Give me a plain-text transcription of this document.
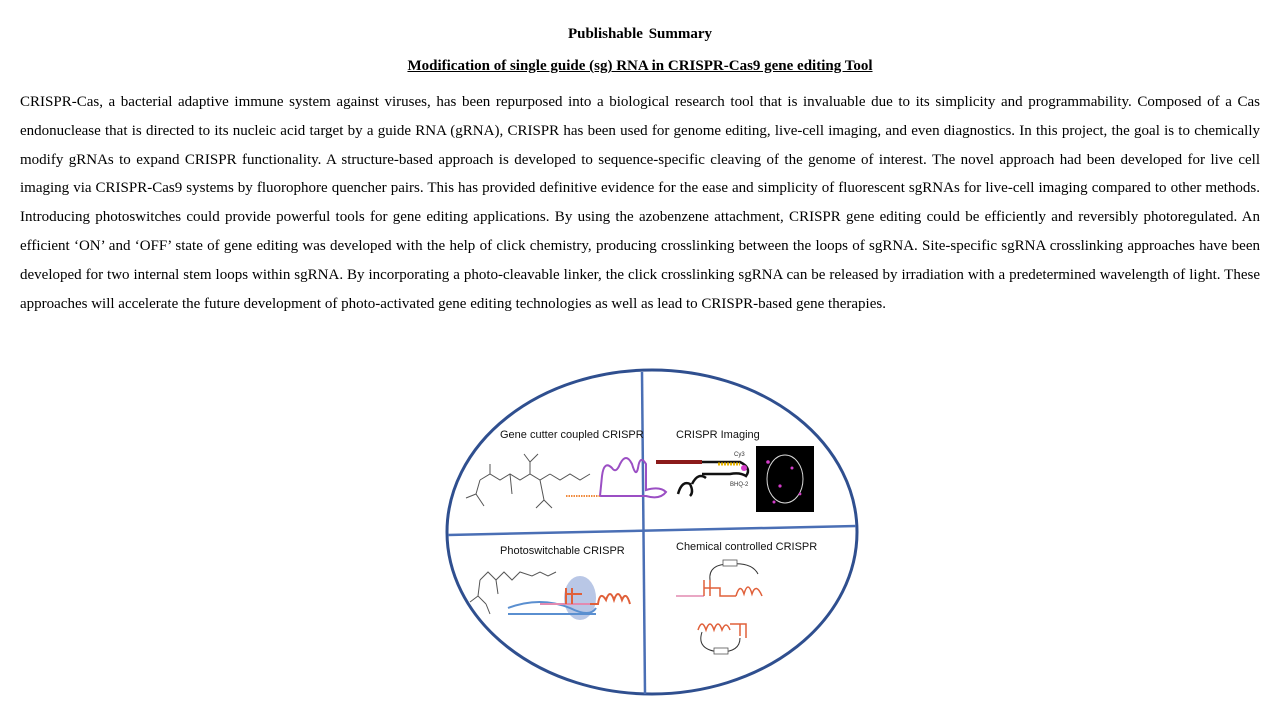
Publishable Summary
Modification of single guide (sg) RNA in CRISPR-Cas9 gene editing Tool

CRISPR-Cas, a bacterial adaptive immune system against viruses, has been repurposed into a biological research tool that is invaluable due to its simplicity and programmability. Composed of a Cas endonuclease that is directed to its nucleic acid target by a guide RNA (gRNA), CRISPR has been used for genome editing, live-cell imaging, and even diagnostics. In this project, the goal is to chemically modify gRNAs to expand CRISPR functionality. A structure-based approach is developed to sequence-specific cleaving of the genome of interest. The novel approach had been developed for live cell imaging via CRISPR-Cas9 systems by fluorophore quencher pairs. This has provided definitive evidence for the ease and simplicity of fluorescent sgRNAs for live-cell imaging compared to other methods. Introducing photoswitches could provide powerful tools for gene editing applications. By using the azobenzene attachment, CRISPR gene editing could be efficiently and reversibly photoregulated. An efficient ‘ON’ and ‘OFF’ state of gene editing was developed with the help of click chemistry, producing crosslinking between the loops of sgRNA. Site-specific sgRNA crosslinking approaches have been developed for two internal stem loops within sgRNA. By incorporating a photo-cleavable linker, the click crosslinking sgRNA can be released by irradiation with a predetermined wavelength of light. These approaches will accelerate the future development of photo-activated gene editing technologies as well as lead to CRISPR-based gene therapies.

Gene cutter coupled CRISPR	CRISPR Imaging
Photoswitchable CRISPR	Chemical controlled CRISPR
Cy3
BHQ-2
